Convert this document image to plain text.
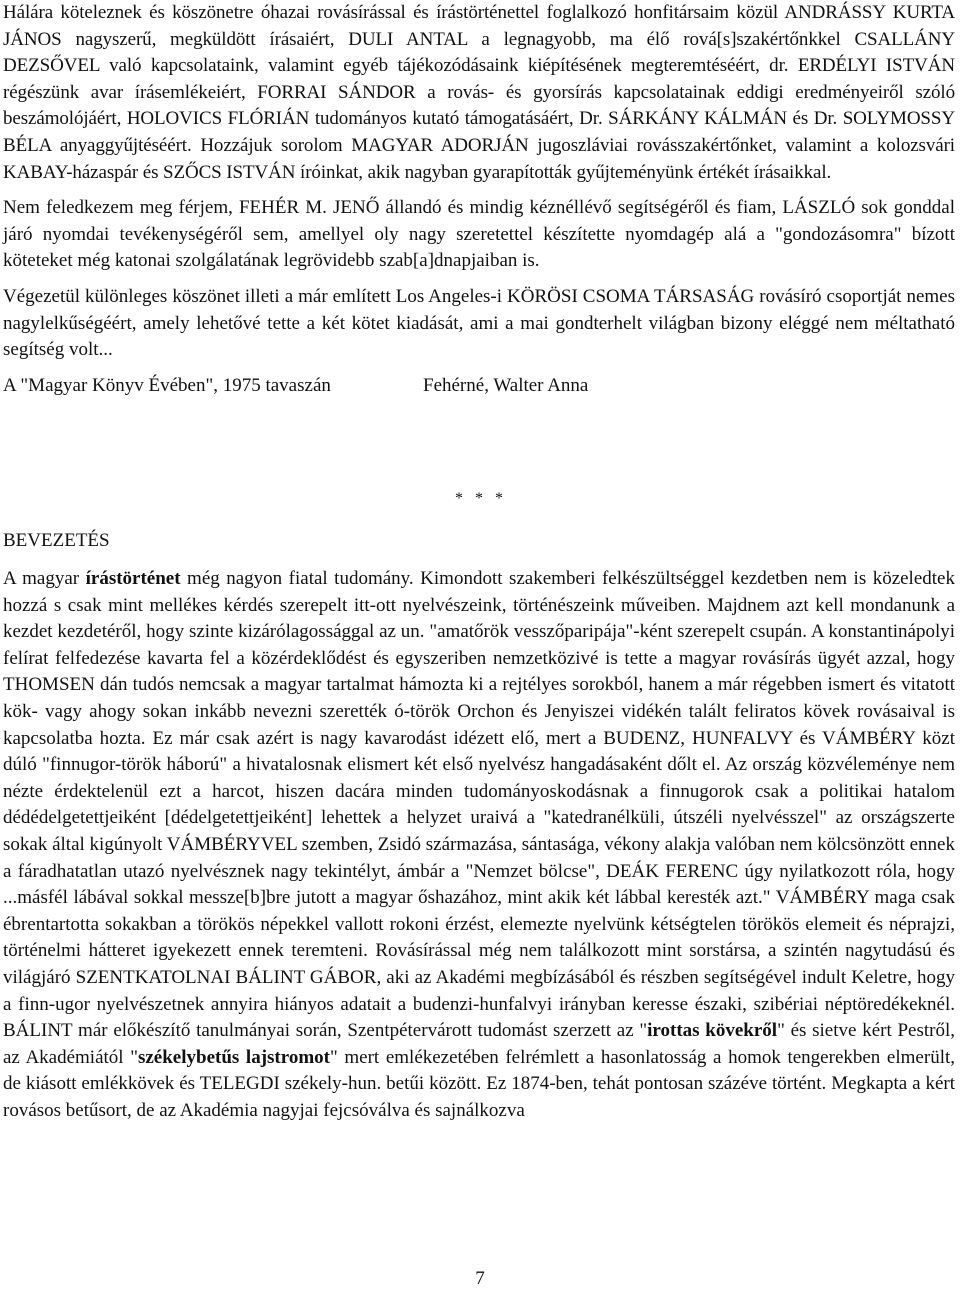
Hálára köteleznek és köszönetre óhazai rovásírással és írástörténettel foglalkozó honfitársaim közül ANDRÁSSY KURTA JÁNOS nagyszerű, megküldött írásaiért, DULI ANTAL a legnagyobb, ma élő rová[s]szakértőnkkel CSALLÁNY DEZSŐVEL való kapcsolataink, valamint egyéb tájékozódásaink kiépítésének megteremtéséért, dr. ERDÉLYI ISTVÁN régészünk avar írásemlékeiért, FORRAI SÁNDOR a rovás- és gyorsírás kapcsolatainak eddigi eredményeiről szóló beszámolójáért, HOLOVICS FLÓRIÁN tudományos kutató támogatásáért, Dr. SÁRKÁNY KÁLMÁN és Dr. SOLYMOSSY BÉLA anyaggyűjtéséért. Hozzájuk sorolom MAGYAR ADORJÁN jugoszláviai rovásszakértőnket, valamint a kolozsvári KABAY-házaspár és SZŐCS ISTVÁN íróinkat, akik nagyban gyarapították gyűjteményünk értékét írásaikkal.

Nem feledkezem meg férjem, FEHÉR M. JENŐ állandó és mindig kéznéllévő segítségéről és fiam, LÁSZLÓ sok gonddal járó nyomdai tevékenységéről sem, amellyel oly nagy szeretettel készítette nyomdagép alá a "gondozásomra" bízott köteteket még katonai szolgálatának legrövidebb szab[a]dnapjaiban is.

Végezetül különleges köszönet illeti a már említett Los Angeles-i KÖRÖSI CSOMA TÁRSASÁG rovásíró csoportját nemes nagylelkűségéért, amely lehetővé tette a két kötet kiadását, ami a mai gondterhelt világban bizony eléggé nem méltatható segítség volt...

A "Magyar Könyv Évében", 1975 tavaszán	Fehérné, Walter Anna
* * *
BEVEZETÉS

A magyar írástörténet még nagyon fiatal tudomány. Kimondott szakemberi felkészültséggel kezdetben nem is közeledtek hozzá s csak mint mellékes kérdés szerepelt itt-ott nyelvészeink, történészeink műveiben. Majdnem azt kell mondanunk a kezdet kezdetéről, hogy szinte kizárólagossággal az un. "amatőrök vesszőparipája"-ként szerepelt csupán. A konstantinápolyi felírat felfedezése kavarta fel a közérdeklődést és egyszeriben nemzetközivé is tette a magyar rovásírás ügyét azzal, hogy THOMSEN dán tudós nemcsak a magyar tartalmat hámozta ki a rejtélyes sorokból, hanem a már régebben ismert és vitatott kök- vagy ahogy sokan inkább nevezni szerették ó-török Orchon és Jenyiszei vidékén talált feliratos kövek rovásaival is kapcsolatba hozta. Ez már csak azért is nagy kavarodást idézett elő, mert a BUDENZ, HUNFALVY és VÁMBÉRY közt dúló "finnugor-török háború" a hivatalosnak elismert két első nyelvész hangadásaként dőlt el. Az ország közvéleménye nem nézte érdektelenül ezt a harcot, hiszen dacára minden tudományoskodásnak a finnugorok csak a politikai hatalom dédédelgetettjeiként [dédelgetettjeiként] lehettek a helyzet uraivá a "katedranélküli, útszéli nyelvésszel" az országszerte sokak által kigúnyolt VÁMBÉRYVEL szemben, Zsidó származása, sántasága, vékony alakja valóban nem kölcsönzött ennek a fáradhatatlan utazó nyelvésznek nagy tekintélyt, ámbár a "Nemzet bölcse", DEÁK FERENC úgy nyilatkozott róla, hogy ...másfél lábával sokkal messze[b]bre jutott a magyar őshazához, mint akik két lábbal keresték azt." VÁMBÉRY maga csak ébrentartotta sokakban a törökös népekkel vallott rokoni érzést, elemezte nyelvünk kétségtelen törökös elemeit és néprajzi, történelmi hátteret igyekezett ennek teremteni. Rovásírással még nem találkozott mint sorstársa, a szintén nagytudású és világjáró SZENTKATOLNAI BÁLINT GÁBOR, aki az Akadémi megbízásából és részben segítségével indult Keletre, hogy a finn-ugor nyelvészetnek annyira hiányos adatait a budenzi-hunfalvyi irányban keresse északi, szibériai néptöredékeknél. BÁLINT már előkészítő tanulmányai során, Szentpétervárott tudomást szerzett az "irottas kövekről" és sietve kért Pestről, az Akadémiától "székelybetűs lajstromot" mert emlékezetében felrémlett a hasonlatosság a homok tengerekben elmerült, de kiásott emlékkövek és TELEGDI székely-hun. betűi között. Ez 1874-ben, tehát pontosan százéve történt. Megkapta a kért rovásos betűsort, de az Akadémia nagyjai fejcsóválva és sajnálkozva

7
